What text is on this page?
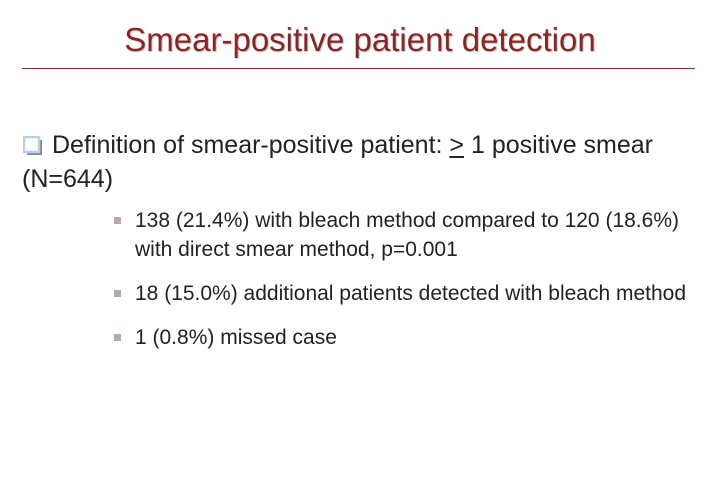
Smear-positive patient detection
Definition of smear-positive patient: > 1 positive smear (N=644)
138 (21.4%) with bleach method compared to 120 (18.6%) with direct smear method, p=0.001
18 (15.0%) additional patients detected with bleach method
1 (0.8%) missed case
